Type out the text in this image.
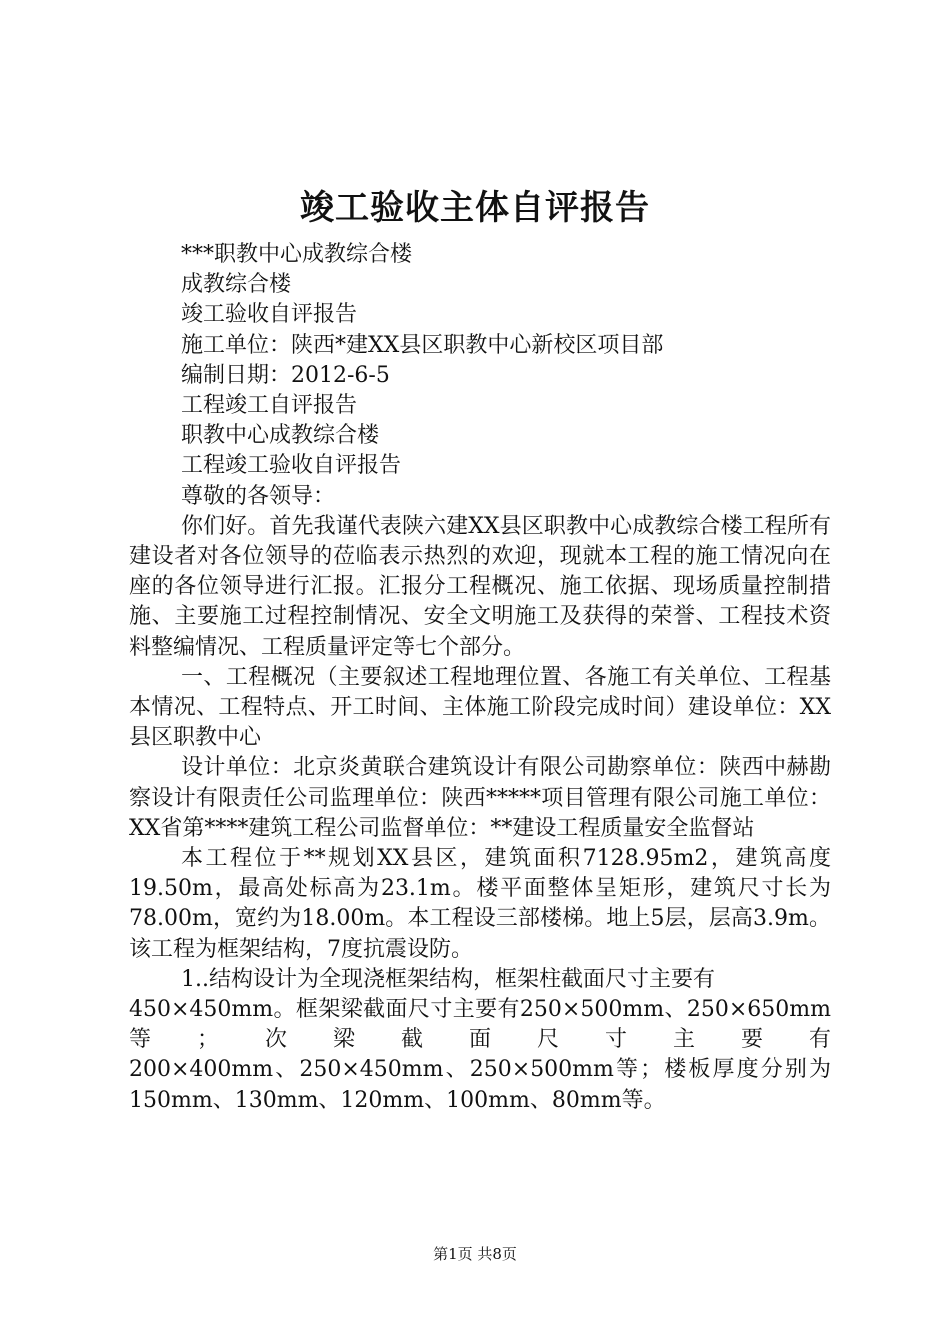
竣工验收主体自评报告

***职教中心成教综合楼

成教综合楼

竣工验收自评报告

施工单位：陕西*建XX县区职教中心新校区项目部

编制日期：2012-6-5

工程竣工自评报告

职教中心成教综合楼

工程竣工验收自评报告

尊敬的各领导：

你们好。首先我谨代表陕六建XX县区职教中心成教综合楼工程所有建设者对各位领导的莅临表示热烈的欢迎，现就本工程的施工情况向在座的各位领导进行汇报。汇报分工程概况、施工依据、现场质量控制措施、主要施工过程控制情况、安全文明施工及获得的荣誉、工程技术资料整编情况、工程质量评定等七个部分。

一、工程概况（主要叙述工程地理位置、各施工有关单位、工程基本情况、工程特点、开工时间、主体施工阶段完成时间）建设单位：XX县区职教中心

设计单位：北京炎黄联合建筑设计有限公司勘察单位：陕西中赫勘察设计有限责任公司监理单位：陕西*****项目管理有限公司施工单位：XX省第****建筑工程公司监督单位：**建设工程质量安全监督站

本工程位于**规划XX县区，建筑面积7128.95m2，建筑高度19.50m，最高处标高为23.1m。楼平面整体呈矩形，建筑尺寸长为78.00m，宽约为18.00m。本工程设三部楼梯。地上5层，层高3.9m。该工程为框架结构，7度抗震设防。

1..结构设计为全现浇框架结构，框架柱截面尺寸主要有

450×450mm。框架梁截面尺寸主要有250×500mm、250×650mm

等；次梁截面尺寸主要有

200×400mm、250×450mm、250×500mm等；楼板厚度分别为

150mm、130mm、120mm、100mm、80mm等。

第1页 共8页
